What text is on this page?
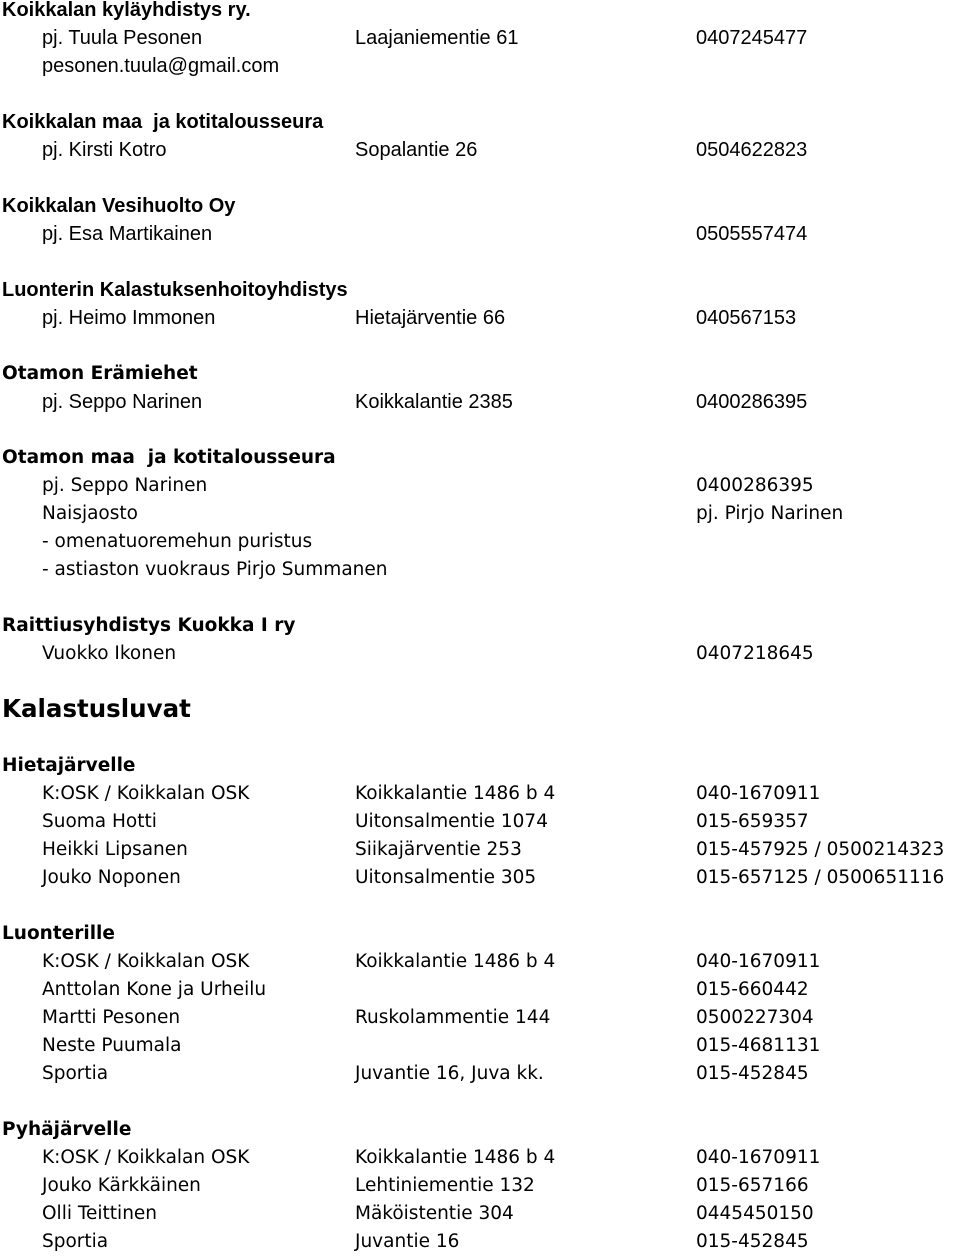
Koikkalan kyläyhdistys ry.
pj. Tuula Pesonen	Laajaniementie 61	0407245477
pesonen.tuula@gmail.com
Koikkalan maa  ja kotitalousseura
pj. Kirsti Kotro	Sopalantie 26	0504622823
Koikkalan Vesihuolto Oy
pj. Esa Martikainen	0505557474
Luonterin Kalastuksenhoitoyhdistys
pj. Heimo Immonen	Hietajärventie 66	040567153
Otamon Erämiehet
pj. Seppo Narinen	Koikkalantie 2385	0400286395
Otamon maa  ja kotitalousseura
pj. Seppo Narinen	0400286395
Naisjaosto	pj. Pirjo Narinen
- omenatuoremehun puristus
- astiaston vuokraus Pirjo Summanen
Raittiusyhdistys Kuokka I ry
Vuokko Ikonen	0407218645
Kalastusluvat
Hietajärvelle
K:OSK / Koikkalan OSK	Koikkalantie 1486 b 4	040-1670911
Suoma Hotti	Uitonsalmentie 1074	015-659357
Heikki Lipsanen	Siikajärventie 253	015-457925 / 0500214323
Jouko Noponen	Uitonsalmentie 305	015-657125 / 0500651116
Luonterille
K:OSK / Koikkalan OSK	Koikkalantie 1486 b 4	040-1670911
Anttolan Kone ja Urheilu	015-660442
Martti Pesonen	Ruskolammentie 144	0500227304
Neste Puumala	015-4681131
Sportia	Juvantie 16, Juva kk.	015-452845
Pyhäjärvelle
K:OSK / Koikkalan OSK	Koikkalantie 1486 b 4	040-1670911
Jouko Kärkkäinen	Lehtiniementie 132	015-657166
Olli Teittinen	Mäköistentie 304	0445450150
Sportia	Juvantie 16	015-452845
